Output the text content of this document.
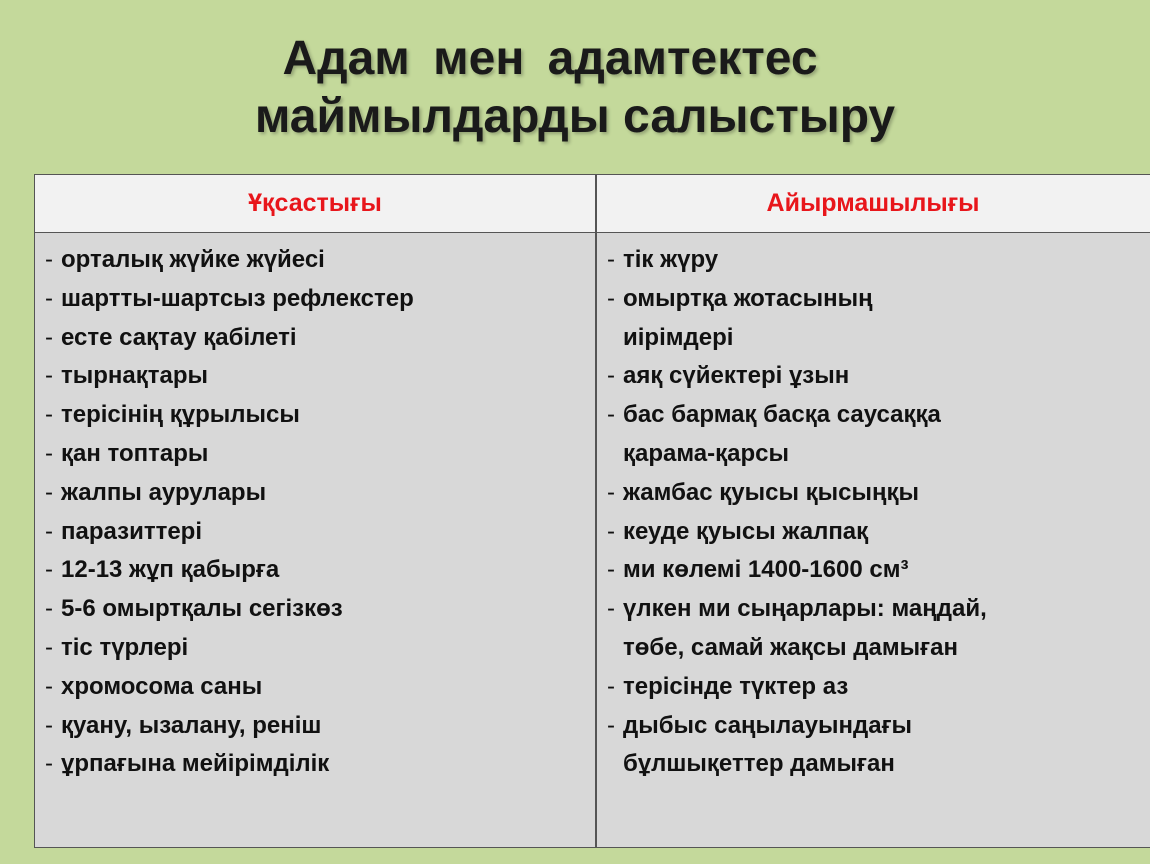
Адам мен адамтектес
маймылдарды салыстыру
Ұқсастығы	Айырмашылығы
- орталық жүйке жүйесі
- шартты-шартсыз рефлекстер
- есте сақтау қабілеті
- тырнақтары
- терісінің құрылысы
- қан топтары
- жалпы аурулары
- паразиттері
- 12-13 жұп қабырға
- 5-6 омыртқалы сегізкөз
- тіс түрлері
- хромосома саны
- қуану, ызалану, реніш
- ұрпағына мейірімділік
- тік жүру
- омыртқа жотасының
иірімдері
- аяқ сүйектері ұзын
- бас бармақ басқа саусаққа
қарама-қарсы
- жамбас қуысы қысыңқы
- кеуде қуысы жалпақ
- ми көлемі 1400-1600 см³
- үлкен ми сыңарлары: маңдай,
төбе, самай жақсы дамыған
- терісінде түктер аз
- дыбыс саңылауындағы
бұлшықеттер дамыған
